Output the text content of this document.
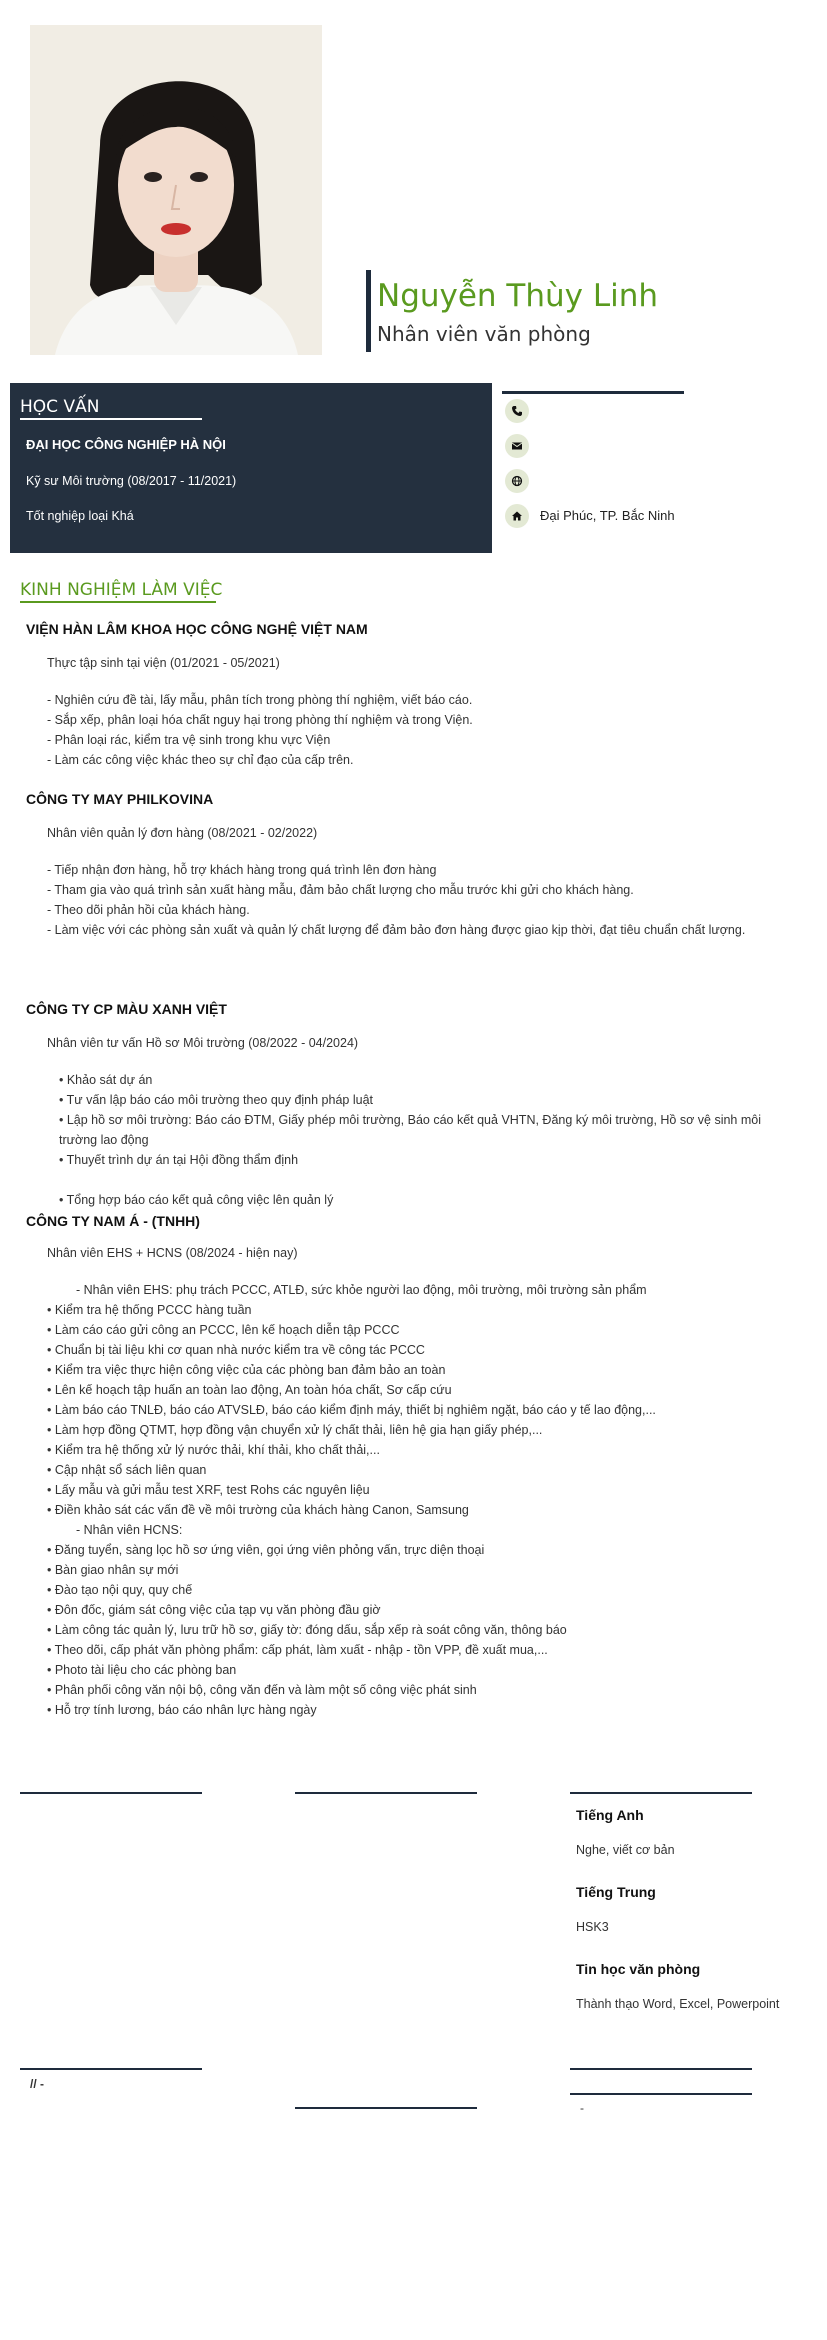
Nguyễn Thùy Linh
Nhân viên văn phòng
HỌC VẤN
ĐẠI HỌC CÔNG NGHIỆP HÀ NỘI
Kỹ sư Môi trường (08/2017 - 11/2021)
Tốt nghiệp loại Khá	Đại Phúc, TP. Bắc Ninh
KINH NGHIỆM LÀM VIỆC
VIỆN HÀN LÂM KHOA HỌC CÔNG NGHỆ VIỆT NAM
Thực tập sinh tại viện (01/2021 - 05/2021)
- Nghiên cứu đề tài, lấy mẫu, phân tích trong phòng thí nghiệm, viết báo cáo.
- Sắp xếp, phân loại hóa chất nguy hại trong phòng thí nghiệm và trong Viện.
- Phân loại rác, kiểm tra vệ sinh trong khu vực Viện
- Làm các công việc khác theo sự chỉ đạo của cấp trên.
CÔNG TY MAY PHILKOVINA
Nhân viên quản lý đơn hàng (08/2021 - 02/2022)
- Tiếp nhận đơn hàng, hỗ trợ khách hàng trong quá trình lên đơn hàng
- Tham gia vào quá trình sản xuất hàng mẫu, đảm bảo chất lượng cho mẫu trước khi gửi cho khách hàng.
- Theo dõi phản hồi của khách hàng.
- Làm việc với các phòng sản xuất và quản lý chất lượng để đảm bảo đơn hàng được giao kịp thời, đạt tiêu chuẩn chất lượng.
CÔNG TY CP MÀU XANH VIỆT
Nhân viên tư vấn Hồ sơ Môi trường (08/2022 - 04/2024)
• Khảo sát dự án
• Tư vấn lập báo cáo môi trường theo quy định pháp luật
• Lập hồ sơ môi trường: Báo cáo ĐTM, Giấy phép môi trường, Báo cáo kết quả VHTN, Đăng ký môi trường, Hồ sơ vệ sinh môi trường lao động
• Thuyết trình dự án tại Hội đồng thẩm định
• Tổng hợp báo cáo kết quả công việc lên quản lý
CÔNG TY NAM Á - (TNHH)
Nhân viên EHS + HCNS (08/2024 - hiện nay)
- Nhân viên EHS: phụ trách PCCC, ATLĐ, sức khỏe người lao động, môi trường, môi trường sản phẩm
• Kiểm tra hệ thống PCCC hàng tuần
• Làm cáo cáo gửi công an PCCC, lên kế hoạch diễn tập PCCC
• Chuẩn bị tài liệu khi cơ quan nhà nước kiểm tra về công tác PCCC
• Kiểm tra việc thực hiện công việc của các phòng ban đảm bảo an toàn
• Lên kế hoạch tập huấn an toàn lao động, An toàn hóa chất, Sơ cấp cứu
• Làm báo cáo TNLĐ, báo cáo ATVSLĐ, báo cáo kiểm định máy, thiết bị nghiêm ngặt, báo cáo y tế lao động,...
• Làm hợp đồng QTMT, hợp đồng vận chuyển xử lý chất thải, liên hệ gia hạn giấy phép,...
• Kiểm tra hệ thống xử lý nước thải, khí thải, kho chất thải,...
• Cập nhật sổ sách liên quan
• Lấy mẫu và gửi mẫu test XRF, test Rohs các nguyên liệu
• Điền khảo sát các vấn đề về môi trường của khách hàng Canon, Samsung
- Nhân viên HCNS:
• Đăng tuyển, sàng lọc hồ sơ ứng viên, gọi ứng viên phỏng vấn, trực diện thoại
• Bàn giao nhân sự mới
• Đào tạo nội quy, quy chế
• Đôn đốc, giám sát công việc của tạp vụ văn phòng đầu giờ
• Làm công tác quản lý, lưu trữ hồ sơ, giấy tờ: đóng dấu, sắp xếp rà soát công văn, thông báo
• Theo dõi, cấp phát văn phòng phẩm: cấp phát, làm xuất - nhập - tồn VPP, đề xuất mua,...
• Photo tài liệu cho các phòng ban
• Phân phối công văn nội bộ, công văn đến và làm một số công việc phát sinh
• Hỗ trợ tính lương, báo cáo nhân lực hàng ngày
Tiếng Anh
Nghe, viết cơ bản
Tiếng Trung
HSK3
Tin học văn phòng
Thành thạo Word, Excel, Powerpoint
// -
-
